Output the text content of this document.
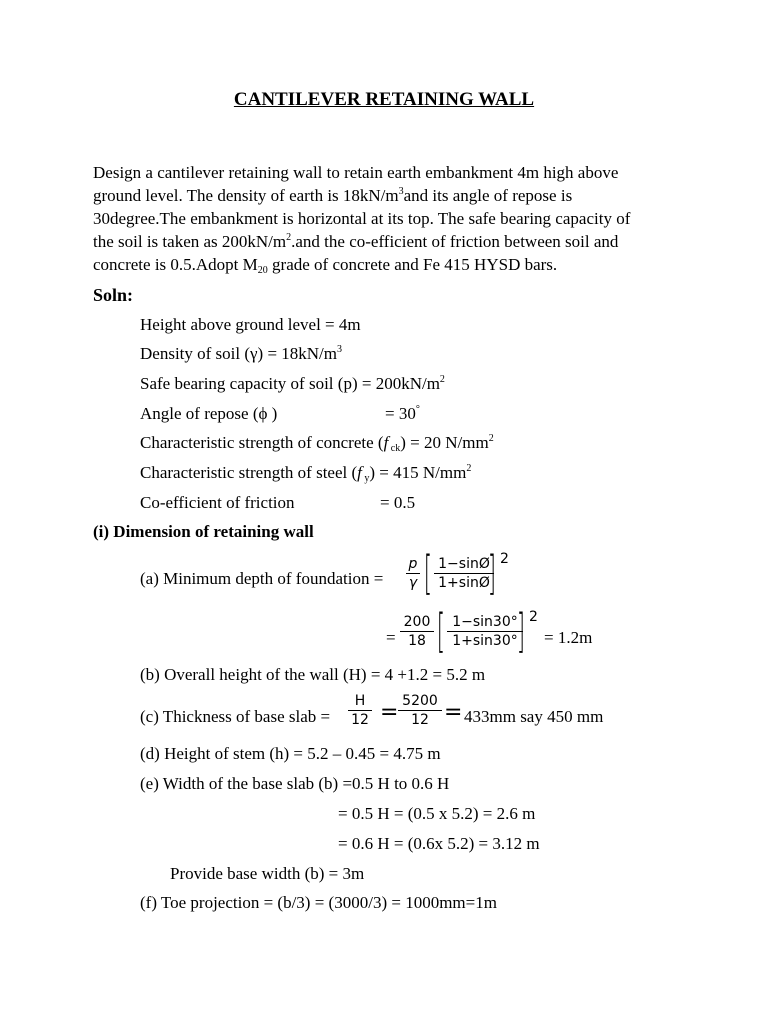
CANTILEVER RETAINING WALL
Design a cantilever retaining wall to retain earth embankment 4m high above
ground level. The density of earth is $18kN/m^3and$ its angle of repose is
30degree.The embankment is horizontal at its top. The safe bearing capacity of
the soil is taken as $200kN/m^2.and$ the co-efficient of friction between soil and
concrete is 0.5.Adopt $M_{20}$ grade of concrete and Fe 415 HYSD bars.
Soln:
Height above ground level = 4m
Density of soil $(\gamma) = 18kN/m^3$
Safe bearing capacity of soil $(p) = 200kN/m^2$
Angle of repose (ϕ )	= 30°
Characteristic strength of concrete (f $_{ck}$) = 20 $N/mm^2$
Characteristic strength of steel (f $_y$) = 415 $N/mm^2$
Co-efficient of friction	= 0.5
(i) Dimension of retaining wall
(a) Minimum depth of foundation =
p
γ [ 1−sinØ
1+sinØ
] 2
=
200
18 [ 1−sin30°
1+sin30° ] 2
= 1.2m
(b) Overall height of the wall (H) = 4 +1.2 = 5.2 m
(c) Thickness of base slab =
H
12 = 5200
12 = 433mm say 450 mm
(d) Height of stem (h) = 5.2 – 0.45 = 4.75 m
(e) Width of the base slab (b) =0.5 H to 0.6 H
= 0.5 H = (0.5 x 5.2) = 2.6 m
= 0.6 H = (0.6x 5.2) = 3.12 m
Provide base width (b) = 3m
(f) Toe projection = (b/3) = (3000/3) = 1000mm=1m
